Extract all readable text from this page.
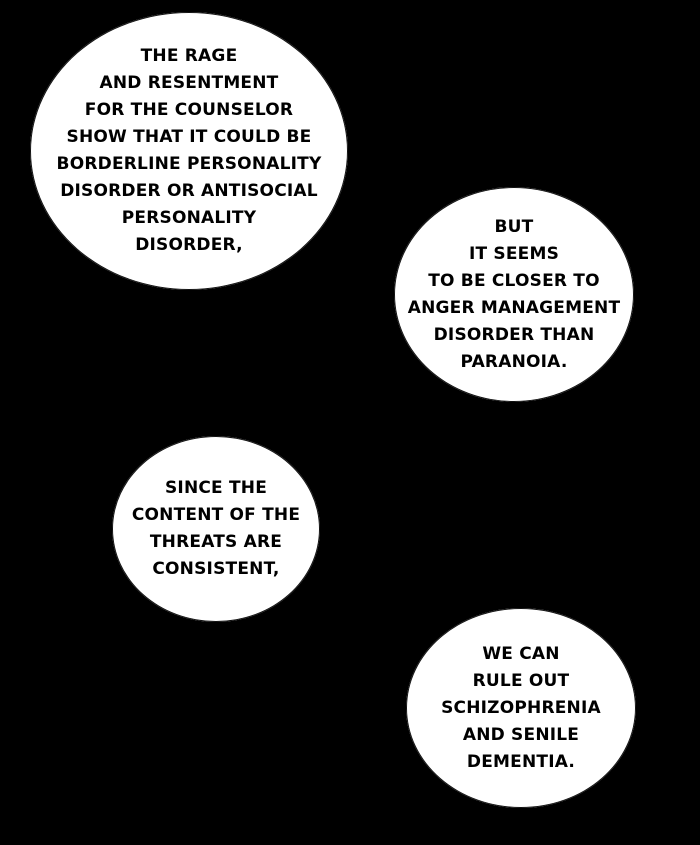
THE RAGE
AND RESENTMENT
FOR THE COUNSELOR
SHOW THAT IT COULD BE
BORDERLINE PERSONALITY
DISORDER OR ANTISOCIAL
PERSONALITY
DISORDER,
BUT
IT SEEMS
TO BE CLOSER TO
ANGER MANAGEMENT
DISORDER THAN
PARANOIA.
SINCE THE
CONTENT OF THE
THREATS ARE
CONSISTENT,
WE CAN
RULE OUT
SCHIZOPHRENIA
AND SENILE
DEMENTIA.
